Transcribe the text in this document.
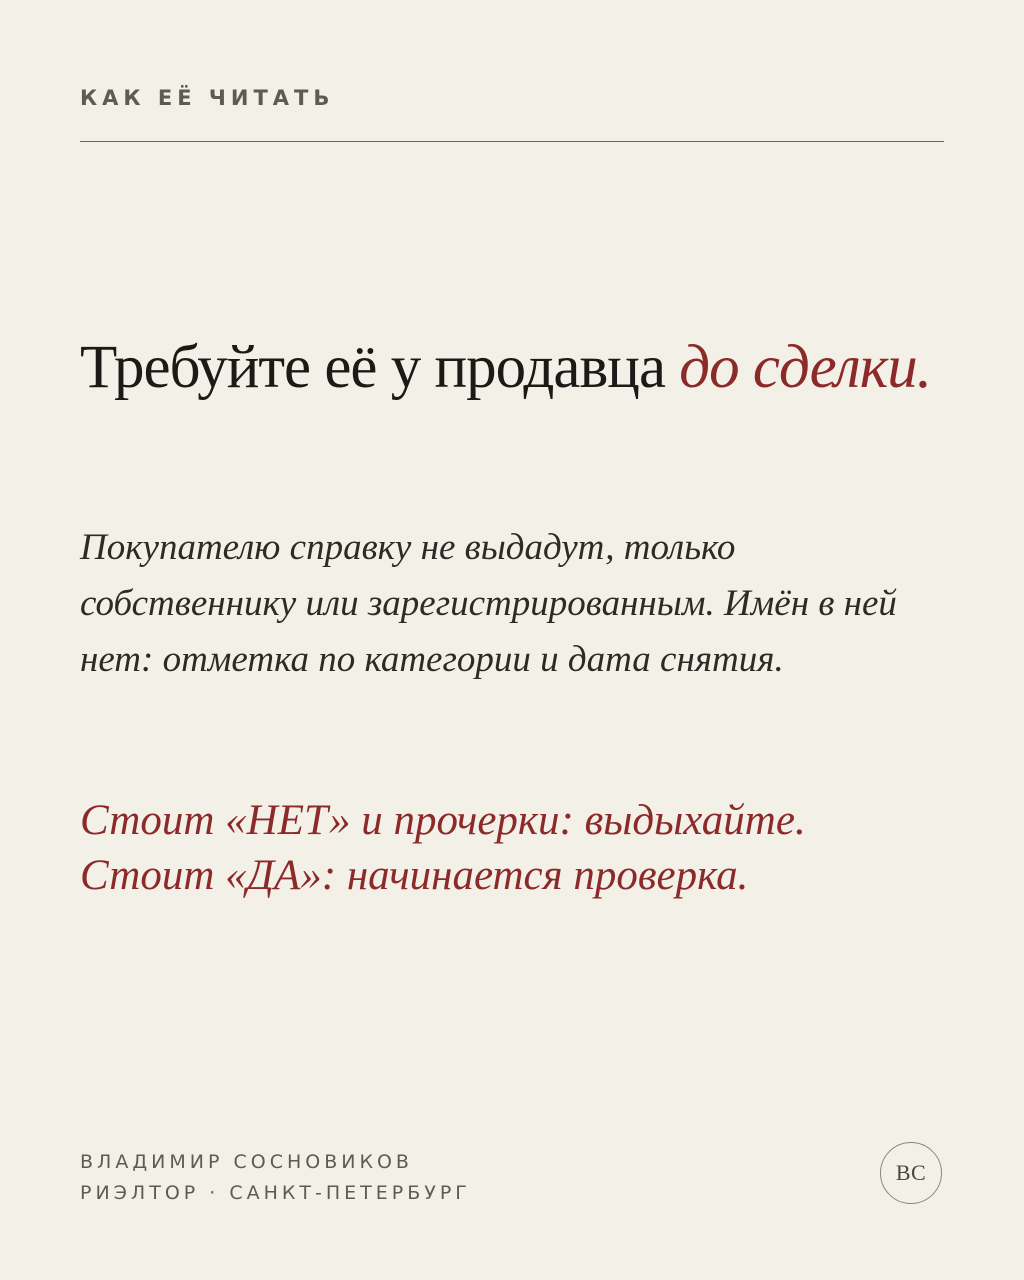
КАК ЕЁ ЧИТАТЬ
Требуйте её у продавца до сделки.
Покупателю справку не выдадут, только собственнику или зарегистрированным. Имён в ней нет: отметка по категории и дата снятия.
Стоит «НЕТ» и прочерки: выдыхайте.
Стоит «ДА»: начинается проверка.
ВЛАДИМИР СОСНОВИКОВ
РИЭЛТОР · САНКТ-ПЕТЕРБУРГ
ВС
